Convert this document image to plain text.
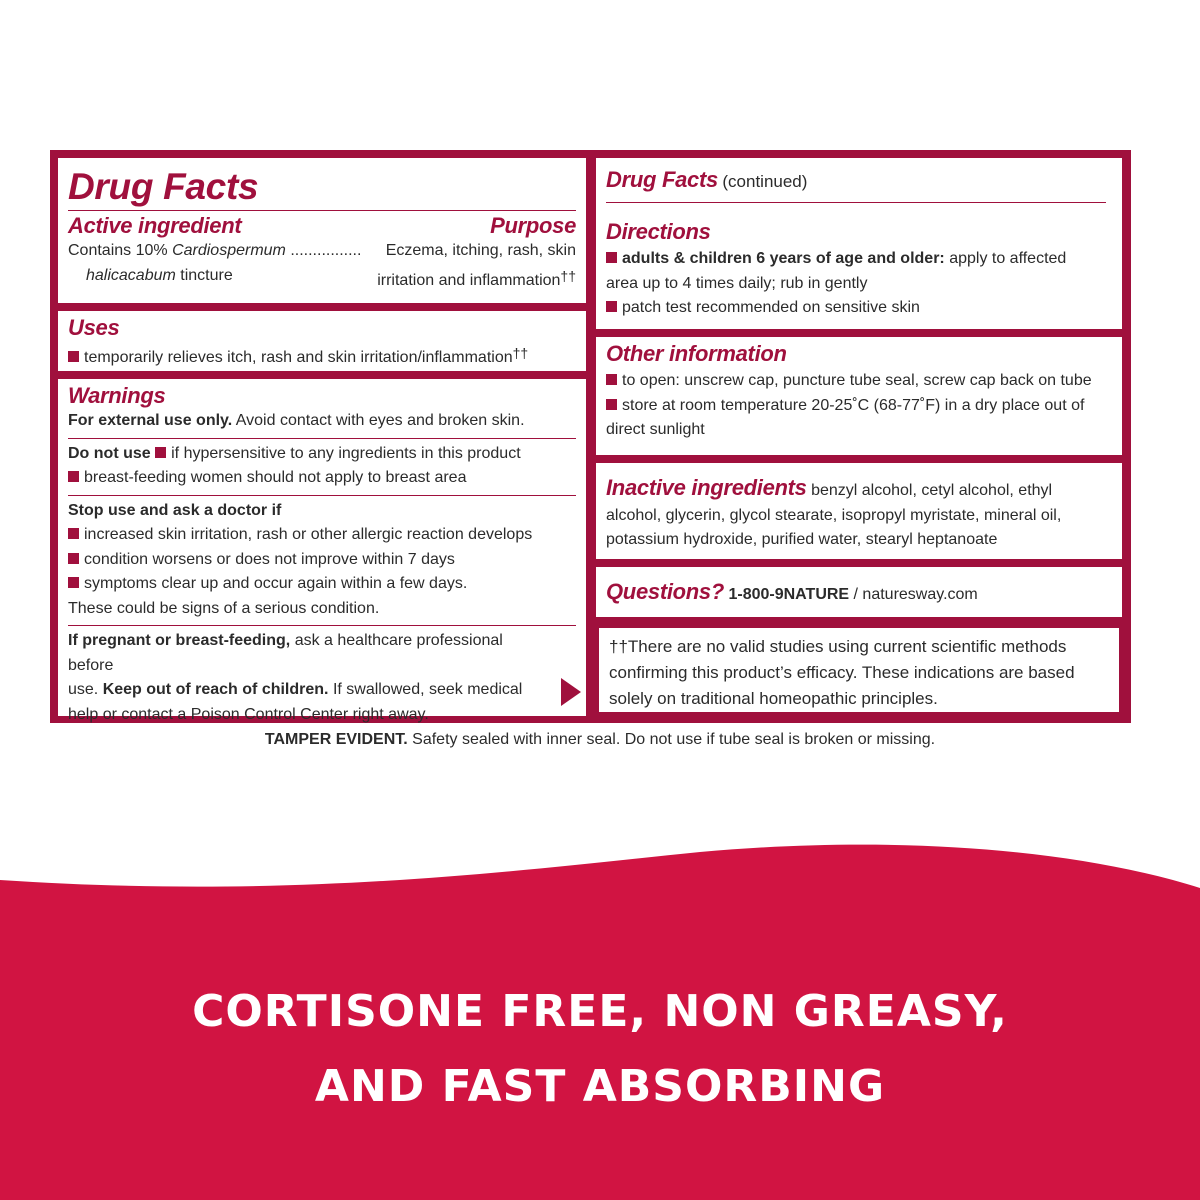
Drug Facts
Active ingredient	Purpose
Contains 10% Cardiospermum ................ Eczema, itching, rash, skin
halicacabum tincture	irritation and inflammation††
Uses
temporarily relieves itch, rash and skin irritation/inflammation††
Warnings
For external use only. Avoid contact with eyes and broken skin.
Do not use if hypersensitive to any ingredients in this product
breast-feeding women should not apply to breast area
Stop use and ask a doctor if
increased skin irritation, rash or other allergic reaction develops
condition worsens or does not improve within 7 days
symptoms clear up and occur again within a few days.
These could be signs of a serious condition.
If pregnant or breast-feeding, ask a healthcare professional before
use. Keep out of reach of children. If swallowed, seek medical
help or contact a Poison Control Center right away.
Drug Facts (continued)
Directions
adults & children 6 years of age and older: apply to affected
area up to 4 times daily; rub in gently
patch test recommended on sensitive skin
Other information
to open: unscrew cap, puncture tube seal, screw cap back on tube
store at room temperature 20-25˚C (68-77˚F) in a dry place out of
direct sunlight
Inactive ingredients benzyl alcohol, cetyl alcohol, ethyl
alcohol, glycerin, glycol stearate, isopropyl myristate, mineral oil,
potassium hydroxide, purified water, stearyl heptanoate
Questions? 1-800-9NATURE / naturesway.com
††There are no valid studies using current scientific methods
confirming this product’s efficacy. These indications are based
solely on traditional homeopathic principles.
TAMPER EVIDENT. Safety sealed with inner seal. Do not use if tube seal is broken or missing.
CORTISONE FREE, NON GREASY,
AND FAST ABSORBING
